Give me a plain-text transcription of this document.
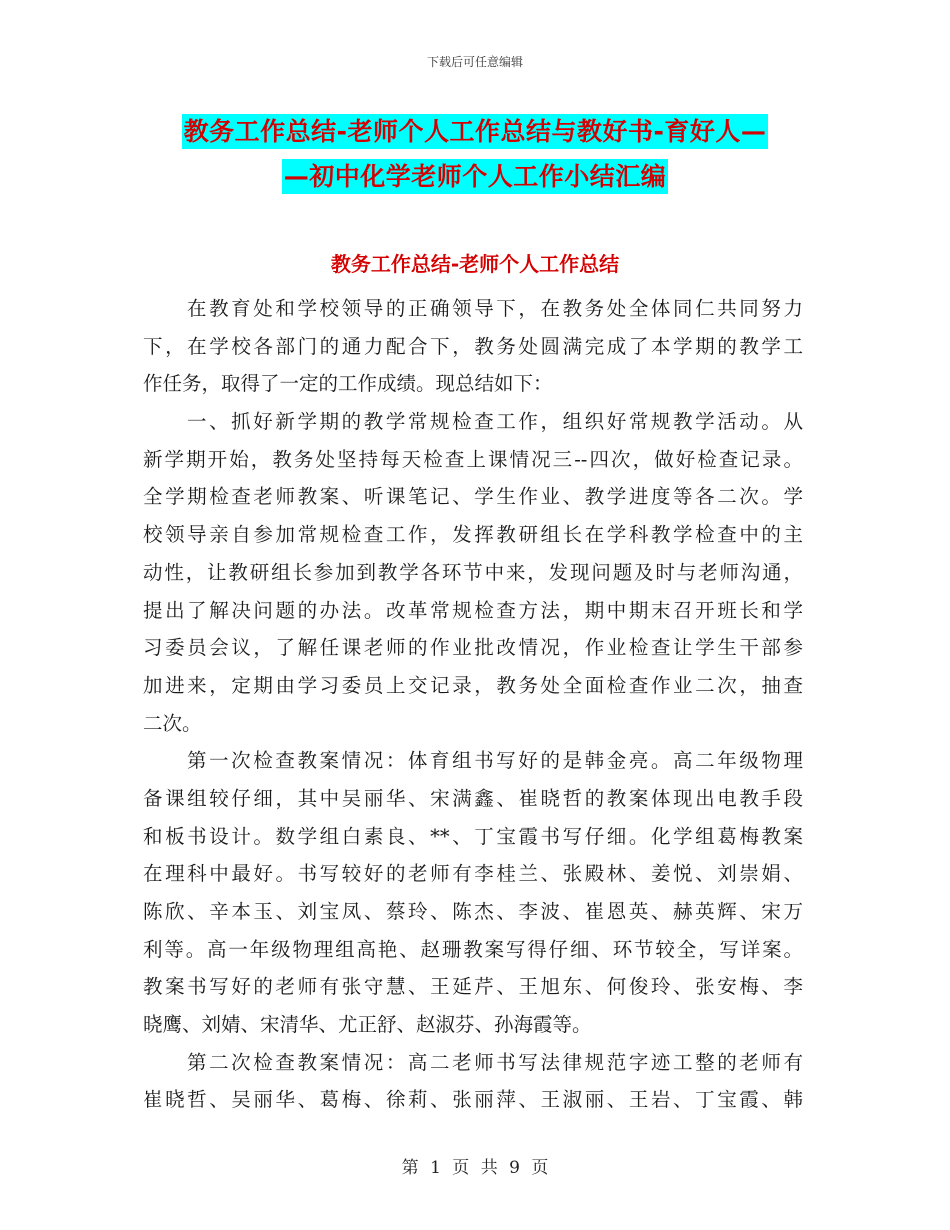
下载后可任意编辑
教务工作总结-老师个人工作总结与教好书-育好人—
—初中化学老师个人工作小结汇编
教务工作总结-老师个人工作总结
在教育处和学校领导的正确领导下，在教务处全体同仁共同努力
下，在学校各部门的通力配合下，教务处圆满完成了本学期的教学工
作任务，取得了一定的工作成绩。现总结如下：
一、抓好新学期的教学常规检查工作，组织好常规教学活动。从
新学期开始，教务处坚持每天检查上课情况三--四次，做好检查记录。
全学期检查老师教案、听课笔记、学生作业、教学进度等各二次。学
校领导亲自参加常规检查工作，发挥教研组长在学科教学检查中的主
动性，让教研组长参加到教学各环节中来，发现问题及时与老师沟通，
提出了解决问题的办法。改革常规检查方法，期中期末召开班长和学
习委员会议，了解任课老师的作业批改情况，作业检查让学生干部参
加进来，定期由学习委员上交记录，教务处全面检查作业二次，抽查
二次。
第一次检查教案情况：体育组书写好的是韩金亮。高二年级物理
备课组较仔细，其中吴丽华、宋满鑫、崔晓哲的教案体现出电教手段
和板书设计。数学组白素良、**、丁宝霞书写仔细。化学组葛梅教案
在理科中最好。书写较好的老师有李桂兰、张殿林、姜悦、刘崇娟、
陈欣、辛本玉、刘宝凤、蔡玲、陈杰、李波、崔恩英、赫英辉、宋万
利等。高一年级物理组高艳、赵珊教案写得仔细、环节较全，写详案。
教案书写好的老师有张守慧、王延芹、王旭东、何俊玲、张安梅、李
晓鹰、刘婧、宋清华、尤正舒、赵淑芬、孙海霞等。
第二次检查教案情况：高二老师书写法律规范字迹工整的老师有
崔晓哲、吴丽华、葛梅、徐莉、张丽萍、王淑丽、王岩、丁宝霞、韩
第 1 页 共 9 页
